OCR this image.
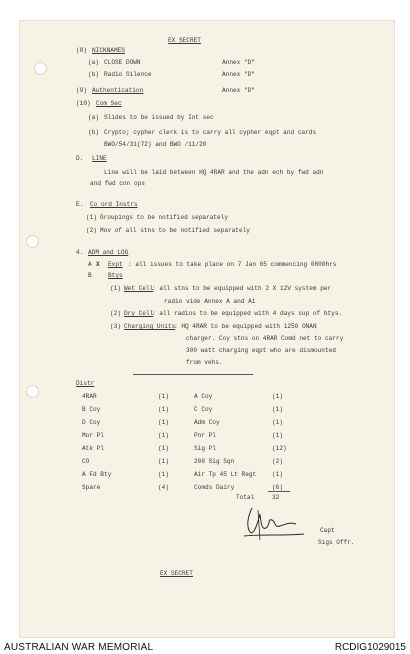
EX SECRET
(8) NICKNAMES
(a) CLOSE DOWN	Annex "D"
(b) Radio Silence	Annex "D"
(9) Authentication	Annex "D"
(10) Com Sec
(a) Slides to be issued by Int sec
(b) Crypto; cypher clerk is to carry all cypher eqpt and cards
BWO/54/31(72) and BWO /11/20
D. LINE
Line will be laid between HQ 4RAR and the adn ech by fwd adn
and fwd con ops
E. Co ord Instrs
(1) Groupings to be notified separately
(2) Mov of all stns to be notified separately
4. ADM and LOG
A X Expt : all issues to take place on 7 Jan 65 commencing 0800hrs
B	Btys
(1) Wet Cell
: all stns to be equipped with 2 X 12V system per
radio vide Annex A and A1
(2) Dry Cell
: all radios to be equipped with 4 days sup of btys.
(3) Charging Units
: HQ 4RAR to be equipped with 1250 ONAN
charger. Coy stns on 4RAR Comd net to carry
300 watt charging eqpt who are dismounted
from vehs.
Distr
4RAR	(1)	A Coy	(1)
B Coy	(1)	C Coy	(1)
D Coy	(1)	Adm Coy	(1)
Mor Pl	(1)	Pnr Pl	(1)
Atk Pl	(1)	Sig Pl	(12)
CO	(1)	208 Sig Sqn	(2)
A Fd Bty	(1)	Air Tp 45 Lt Regt	(1)
Spare	(4)	Comds Dairy	(6)
Total	32
Capt
Sigs Offr.
EX SECRET
AUSTRALIAN WAR MEMORIAL	RCDIG1029015
